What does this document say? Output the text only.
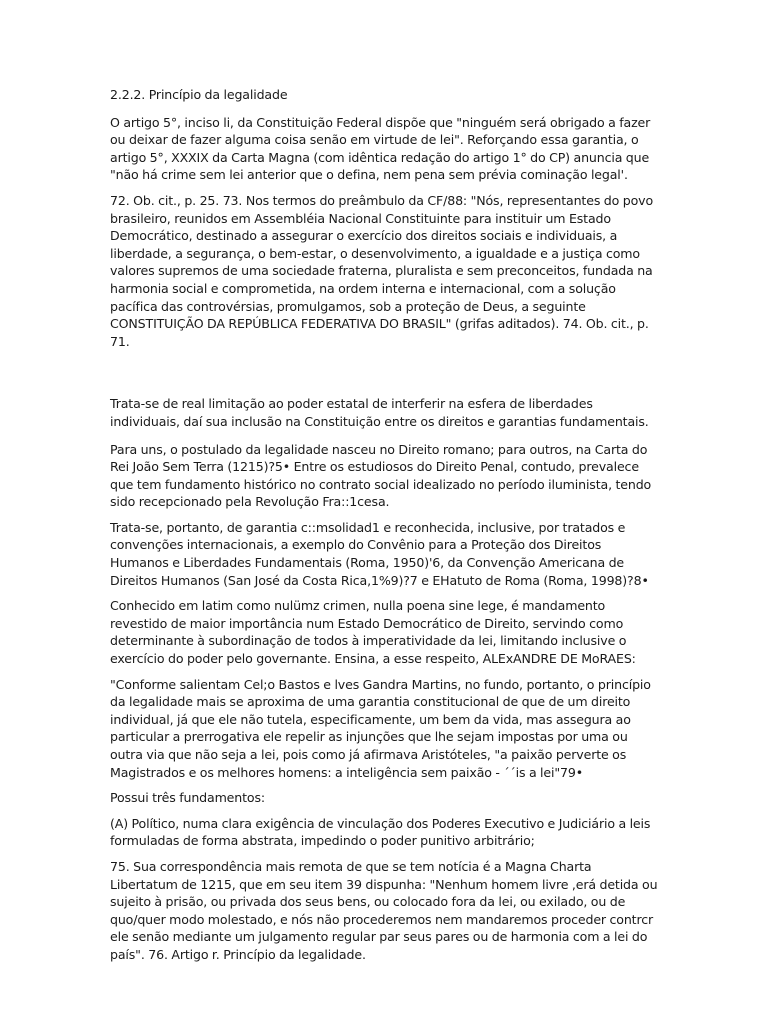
2.2.2. Princípio da legalidade

O artigo 5°, inciso li, da Constituição Federal dispõe que "ninguém será obrigado a fazer ou deixar de fazer alguma coisa senão em virtude de lei". Reforçando essa garantia, o artigo 5°, XXXIX da Carta Magna (com idêntica redação do artigo 1° do CP) anuncia que "não há crime sem lei anterior que o defina, nem pena sem prévia cominação legal'.

72. Ob. cit., p. 25. 73. Nos termos do preâmbulo da CF/88: "Nós, representantes do povo brasileiro, reunidos em Assembléia Nacional Constituinte para instituir um Estado Democrático, destinado a assegurar o exercício dos direitos sociais e individuais, a liberdade, a segurança, o bem-estar, o desenvolvimento, a igualdade e a justiça como valores supremos de uma sociedade fraterna, pluralista e sem preconceitos, fundada na harmonia social e comprometida, na ordem interna e internacional, com a solução pacífica das controvérsias, promulgamos, sob a proteção de Deus, a seguinte CONSTITUIÇÃO DA REPÚBLICA FEDERATIVA DO BRASIL" (grifas aditados). 74. Ob. cit., p. 71.

Trata-se de real limitação ao poder estatal de interferir na esfera de liberdades individuais, daí sua inclusão na Constituição entre os direitos e garantias fundamentais.

Para uns, o postulado da legalidade nasceu no Direito romano; para outros, na Carta do Rei João Sem Terra (1215)?5• Entre os estudiosos do Direito Penal, contudo, prevalece que tem fundamento histórico no contrato social idealizado no período iluminista, tendo sido recepcionado pela Revolução Fra::1cesa.

Trata-se, portanto, de garantia c::msolidad1 e reconhecida, inclusive, por tratados e convenções internacionais, a exemplo do Convênio para a Proteção dos Direitos Humanos e Liberdades Fundamentais (Roma, 1950)'6, da Convenção Americana de Direitos Humanos (San José da Costa Rica,1%9)?7 e EHatuto de Roma (Roma, 1998)?8•

Conhecido em latim como nulümz crimen, nulla poena sine lege, é mandamento revestido de maior importância num Estado Democrático de Direito, servindo como determinante à subordinação de todos à imperatividade da lei, limitando inclusive o exercício do poder pelo governante. Ensina, a esse respeito, ALExANDRE DE MoRAES:

"Conforme salientam Cel;o Bastos e lves Gandra Martins, no fundo, portanto, o princípio da legalidade mais se aproxima de uma garantia constitucional de que de um direito individual, já que ele não tutela, especificamente, um bem da vida, mas assegura ao particular a prerrogativa ele repelir as injunções que lhe sejam impostas por uma ou outra via que não seja a lei, pois como já afirmava Aristóteles, "a paixão perverte os Magistrados e os melhores homens: a inteligência sem paixão - ´´is a lei"79•

Possui três fundamentos:

(A) Político, numa clara exigência de vinculação dos Poderes Executivo e Judiciário a leis formuladas de forma abstrata, impedindo o poder punitivo arbitrário;

75. Sua correspondência mais remota de que se tem notícia é a Magna Charta Libertatum de 1215, que em seu item 39 dispunha: "Nenhum homem livre ,erá detida ou sujeito à prisão, ou privada dos seus bens, ou colocado fora da lei, ou exilado, ou de quo/quer modo molestado, e nós não procederemos nem mandaremos proceder contrcr ele senão mediante um julgamento regular par seus pares ou de harmonia com a lei do país". 76. Artigo r. Princípio da legalidade.
